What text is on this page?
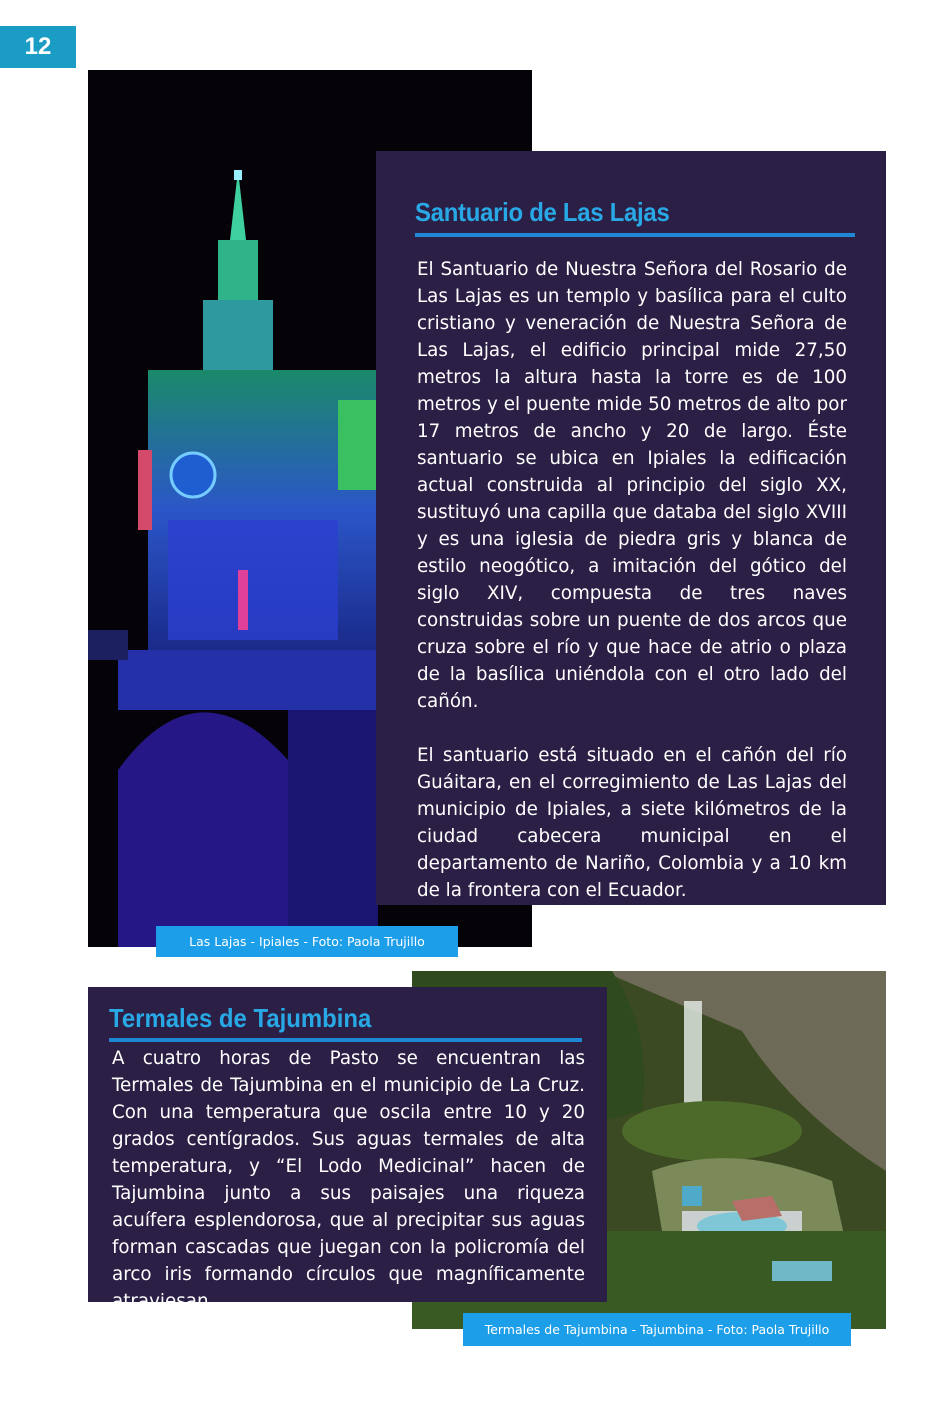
12
Santuario de Las Lajas

El Santuario de Nuestra Señora del Rosario de Las Lajas es un templo y basílica para el culto cristiano y veneración de Nuestra Señora de Las Lajas, el edificio principal mide 27,50 metros la altura hasta la torre es de 100 metros y el puente mide 50 metros de alto por 17 metros de ancho y 20 de largo. Éste santuario se ubica en Ipiales la edificación actual construida al principio del siglo XX, sustituyó una capilla que databa del siglo XVIII y es una iglesia de piedra gris y blanca de estilo neogótico, a imitación del gótico del siglo XIV, compuesta de tres naves construidas sobre un puente de dos arcos que cruza sobre el río y que hace de atrio o plaza de la basílica uniéndola con el otro lado del cañón.

El santuario está situado en el cañón del río Guáitara, en el corregimiento de Las Lajas del municipio de Ipiales, a siete kilómetros de la ciudad cabecera municipal en el departamento de Nariño, Colombia y a 10 km de la frontera con el Ecuador.

Las Lajas - Ipiales - Foto: Paola Trujillo
Termales de Tajumbina

A cuatro horas de Pasto se encuentran las Termales de Tajumbina en el municipio de La Cruz. Con una temperatura que oscila entre 10 y 20 grados centígrados. Sus aguas termales de alta temperatura, y “El Lodo Medicinal” hacen de Tajumbina junto a sus paisajes una riqueza acuífera esplendorosa, que al precipitar sus aguas forman cascadas que juegan con la policromía del arco iris formando círculos que magníficamente atraviesan.

Termales de Tajumbina - Tajumbina - Foto: Paola Trujillo
